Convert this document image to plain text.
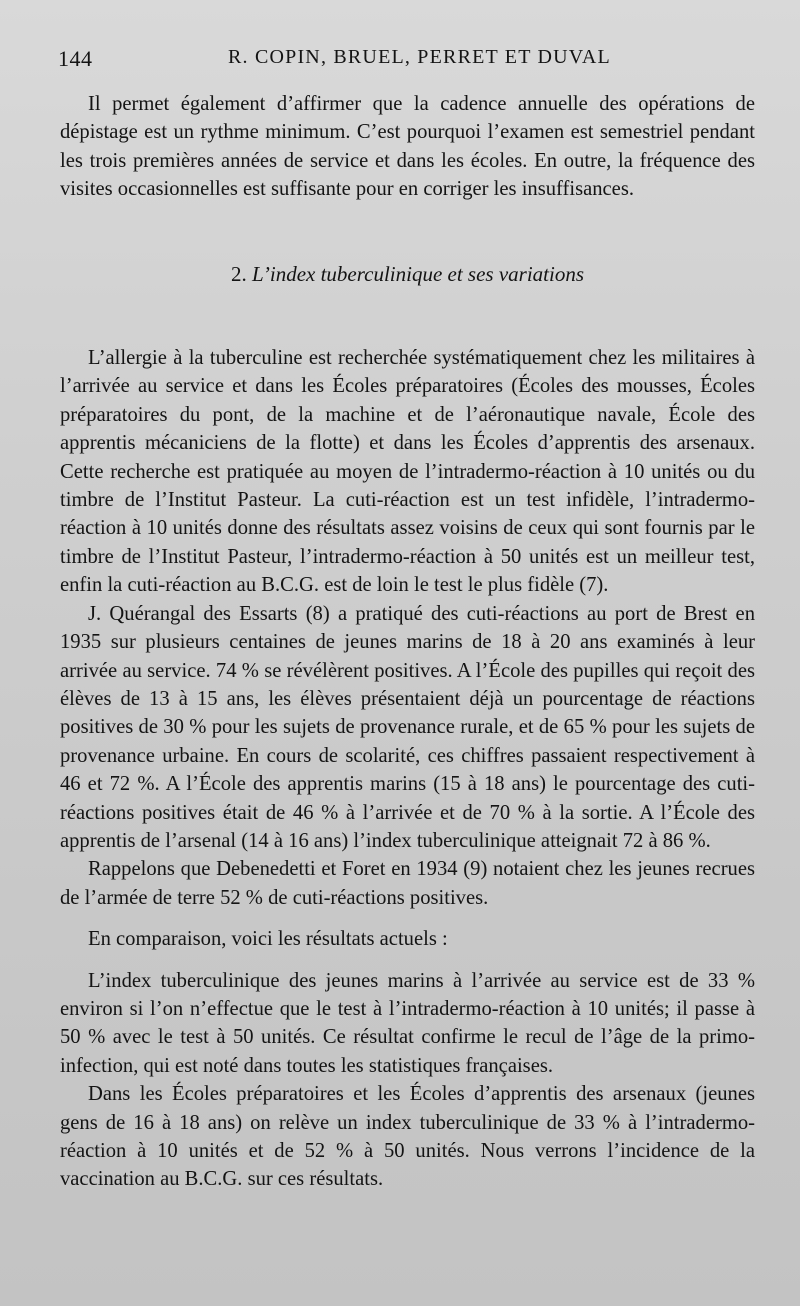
144	R. COPIN, BRUEL, PERRET ET DUVAL

Il permet également d’affirmer que la cadence annuelle des opérations de dépistage est un rythme minimum. C’est pourquoi l’examen est semestriel pendant les trois premières années de service et dans les écoles. En outre, la fréquence des visites occasionnelles est suffisante pour en corriger les insuffisances.

2. L’index tuberculinique et ses variations

L’allergie à la tuberculine est recherchée systématiquement chez les militaires à l’arrivée au service et dans les Écoles préparatoires (Écoles des mousses, Écoles préparatoires du pont, de la machine et de l’aéronautique navale, École des apprentis mécaniciens de la flotte) et dans les Écoles d’apprentis des arsenaux. Cette recherche est pratiquée au moyen de l’intradermo-réaction à 10 unités ou du timbre de l’Institut Pasteur. La cuti-réaction est un test infidèle, l’intradermo-réaction à 10 unités donne des résultats assez voisins de ceux qui sont fournis par le timbre de l’Institut Pasteur, l’intradermo-réaction à 50 unités est un meilleur test, enfin la cuti-réaction au B.C.G. est de loin le test le plus fidèle (7).

J. Quérangal des Essarts (8) a pratiqué des cuti-réactions au port de Brest en 1935 sur plusieurs centaines de jeunes marins de 18 à 20 ans examinés à leur arrivée au service. 74 % se révélèrent positives. A l’École des pupilles qui reçoit des élèves de 13 à 15 ans, les élèves présentaient déjà un pourcentage de réactions positives de 30 % pour les sujets de provenance rurale, et de 65 % pour les sujets de provenance urbaine. En cours de scolarité, ces chiffres passaient respectivement à 46 et 72 %. A l’École des apprentis marins (15 à 18 ans) le pourcentage des cuti-réactions positives était de 46 % à l’arrivée et de 70 % à la sortie. A l’École des apprentis de l’arsenal (14 à 16 ans) l’index tuberculinique atteignait 72 à 86 %.

Rappelons que Debenedetti et Foret en 1934 (9) notaient chez les jeunes recrues de l’armée de terre 52 % de cuti-réactions positives.

En comparaison, voici les résultats actuels :

L’index tuberculinique des jeunes marins à l’arrivée au service est de 33 % environ si l’on n’effectue que le test à l’intradermo-réaction à 10 unités; il passe à 50 % avec le test à 50 unités. Ce résultat confirme le recul de l’âge de la primo-infection, qui est noté dans toutes les statistiques françaises.

Dans les Écoles préparatoires et les Écoles d’apprentis des arsenaux (jeunes gens de 16 à 18 ans) on relève un index tuberculinique de 33 % à l’intradermo-réaction à 10 unités et de 52 % à 50 unités. Nous verrons l’incidence de la vaccination au B.C.G. sur ces résultats.
